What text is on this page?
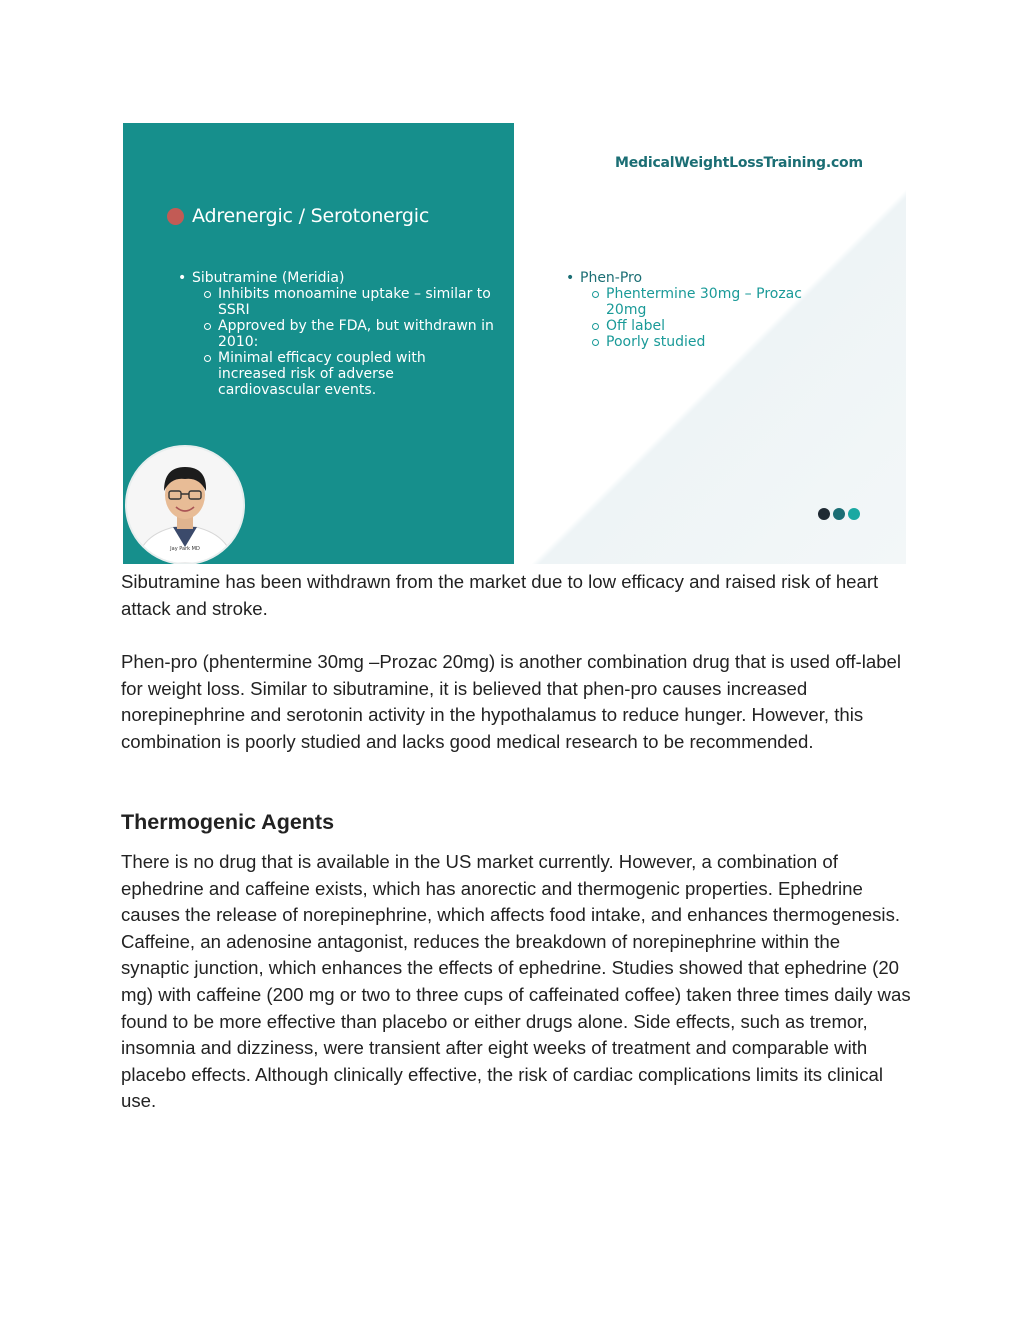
Adrenergic / Serotonergic
• Sibutramine (Meridia)
Inhibits monoamine uptake – similar to SSRI
Approved by the FDA, but withdrawn in 2010:
Minimal efficacy coupled with increased risk of adverse cardiovascular events.
Jay Park MD
MedicalWeightLossTraining.com
• Phen-Pro
Phentermine 30mg – Prozac 20mg
Off label
Poorly studied

Sibutramine has been withdrawn from the market due to low efficacy and raised risk of heart attack and stroke.

Phen-pro (phentermine 30mg –Prozac 20mg) is another combination drug that is used off-label for weight loss. Similar to sibutramine, it is believed that phen-pro causes increased norepinephrine and serotonin activity in the hypothalamus to reduce hunger. However, this combination is poorly studied and lacks good medical research to be recommended.

Thermogenic Agents

There is no drug that is available in the US market currently. However, a combination of ephedrine and caffeine exists, which has anorectic and thermogenic properties. Ephedrine causes the release of norepinephrine, which affects food intake, and enhances thermogenesis. Caffeine, an adenosine antagonist, reduces the breakdown of norepinephrine within the synaptic junction, which enhances the effects of ephedrine. Studies showed that ephedrine (20 mg) with caffeine (200 mg or two to three cups of caffeinated coffee) taken three times daily was found to be more effective than placebo or either drugs alone. Side effects, such as tremor, insomnia and dizziness, were transient after eight weeks of treatment and comparable with placebo effects. Although clinically effective, the risk of cardiac complications limits its clinical use.
